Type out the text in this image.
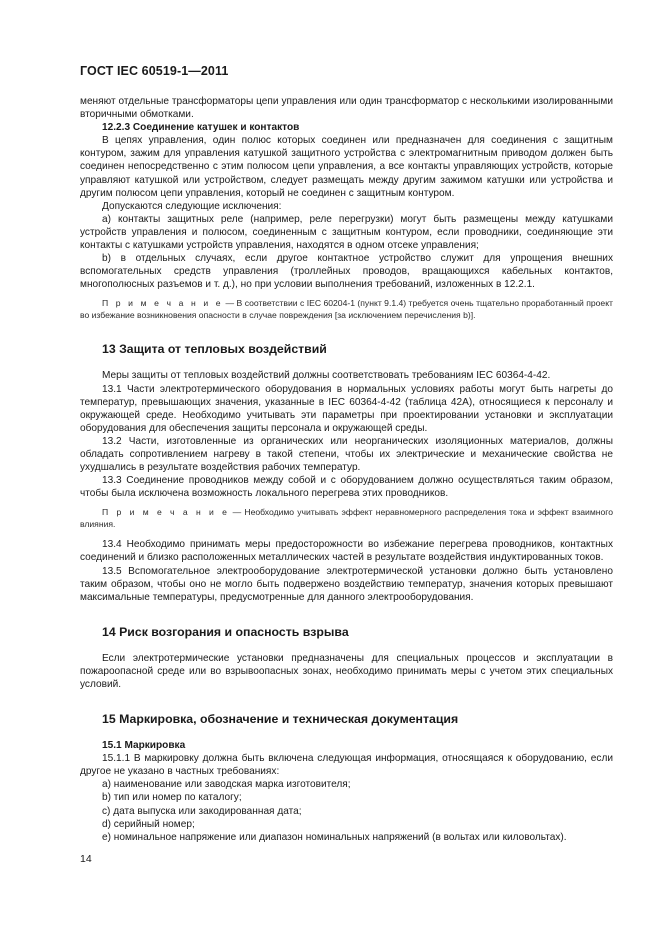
ГОСТ IEC 60519-1—2011

меняют отдельные трансформаторы цепи управления или один трансформатор с несколькими изолированными вторичными обмотками.

12.2.3 Соединение катушек и контактов

В цепях управления, один полюс которых соединен или предназначен для соединения с защитным контуром, зажим для управления катушкой защитного устройства с электромагнитным приводом должен быть соединен непосредственно с этим полюсом цепи управления, а все контакты управляющих устройств, которые управляют катушкой или устройством, следует размещать между другим зажимом катушки или устройства и другим полюсом цепи управления, который не соединен с защитным контуром.

Допускаются следующие исключения:

a) контакты защитных реле (например, реле перегрузки) могут быть размещены между катушками устройств управления и полюсом, соединенным с защитным контуром, если проводники, соединяющие эти контакты с катушками устройств управления, находятся в одном отсеке управления;

b) в отдельных случаях, если другое контактное устройство служит для упрощения внешних вспомогательных средств управления (троллейных проводов, вращающихся кабельных контактов, многополюсных разъемов и т. д.), но при условии выполнения требований, изложенных в 12.2.1.

П р и м е ч а н и е — В соответствии с IEC 60204-1 (пункт 9.1.4) требуется очень тщательно проработанный проект во избежание возникновения опасности в случае повреждения [за исключением перечисления b)].

13 Защита от тепловых воздействий

Меры защиты от тепловых воздействий должны соответствовать требованиям IEC 60364-4-42.

13.1 Части электротермического оборудования в нормальных условиях работы могут быть нагреты до температур, превышающих значения, указанные в IEC 60364-4-42 (таблица 42A), относящиеся к персоналу и окружающей среде. Необходимо учитывать эти параметры при проектировании установки и эксплуатации оборудования для обеспечения защиты персонала и окружающей среды.

13.2 Части, изготовленные из органических или неорганических изоляционных материалов, должны обладать сопротивлением нагреву в такой степени, чтобы их электрические и механические свойства не ухудшались в результате воздействия рабочих температур.

13.3 Соединение проводников между собой и с оборудованием должно осуществляться таким образом, чтобы была исключена возможность локального перегрева этих проводников.

П р и м е ч а н и е — Необходимо учитывать эффект неравномерного распределения тока и эффект взаимного влияния.

13.4 Необходимо принимать меры предосторожности во избежание перегрева проводников, контактных соединений и близко расположенных металлических частей в результате воздействия индуктированных токов.

13.5 Вспомогательное электрооборудование электротермической установки должно быть установлено таким образом, чтобы оно не могло быть подвержено воздействию температур, значения которых превышают максимальные температуры, предусмотренные для данного электрооборудования.

14 Риск возгорания и опасность взрыва

Если электротермические установки предназначены для специальных процессов и эксплуатации в пожароопасной среде или во взрывоопасных зонах, необходимо принимать меры с учетом этих специальных условий.

15 Маркировка, обозначение и техническая документация

15.1 Маркировка

15.1.1 В маркировку должна быть включена следующая информация, относящаяся к оборудованию, если другое не указано в частных требованиях:

a) наименование или заводская марка изготовителя;

b) тип или номер по каталогу;

c) дата выпуска или закодированная дата;

d) серийный номер;

e) номинальное напряжение или диапазон номинальных напряжений (в вольтах или киловольтах).

14
